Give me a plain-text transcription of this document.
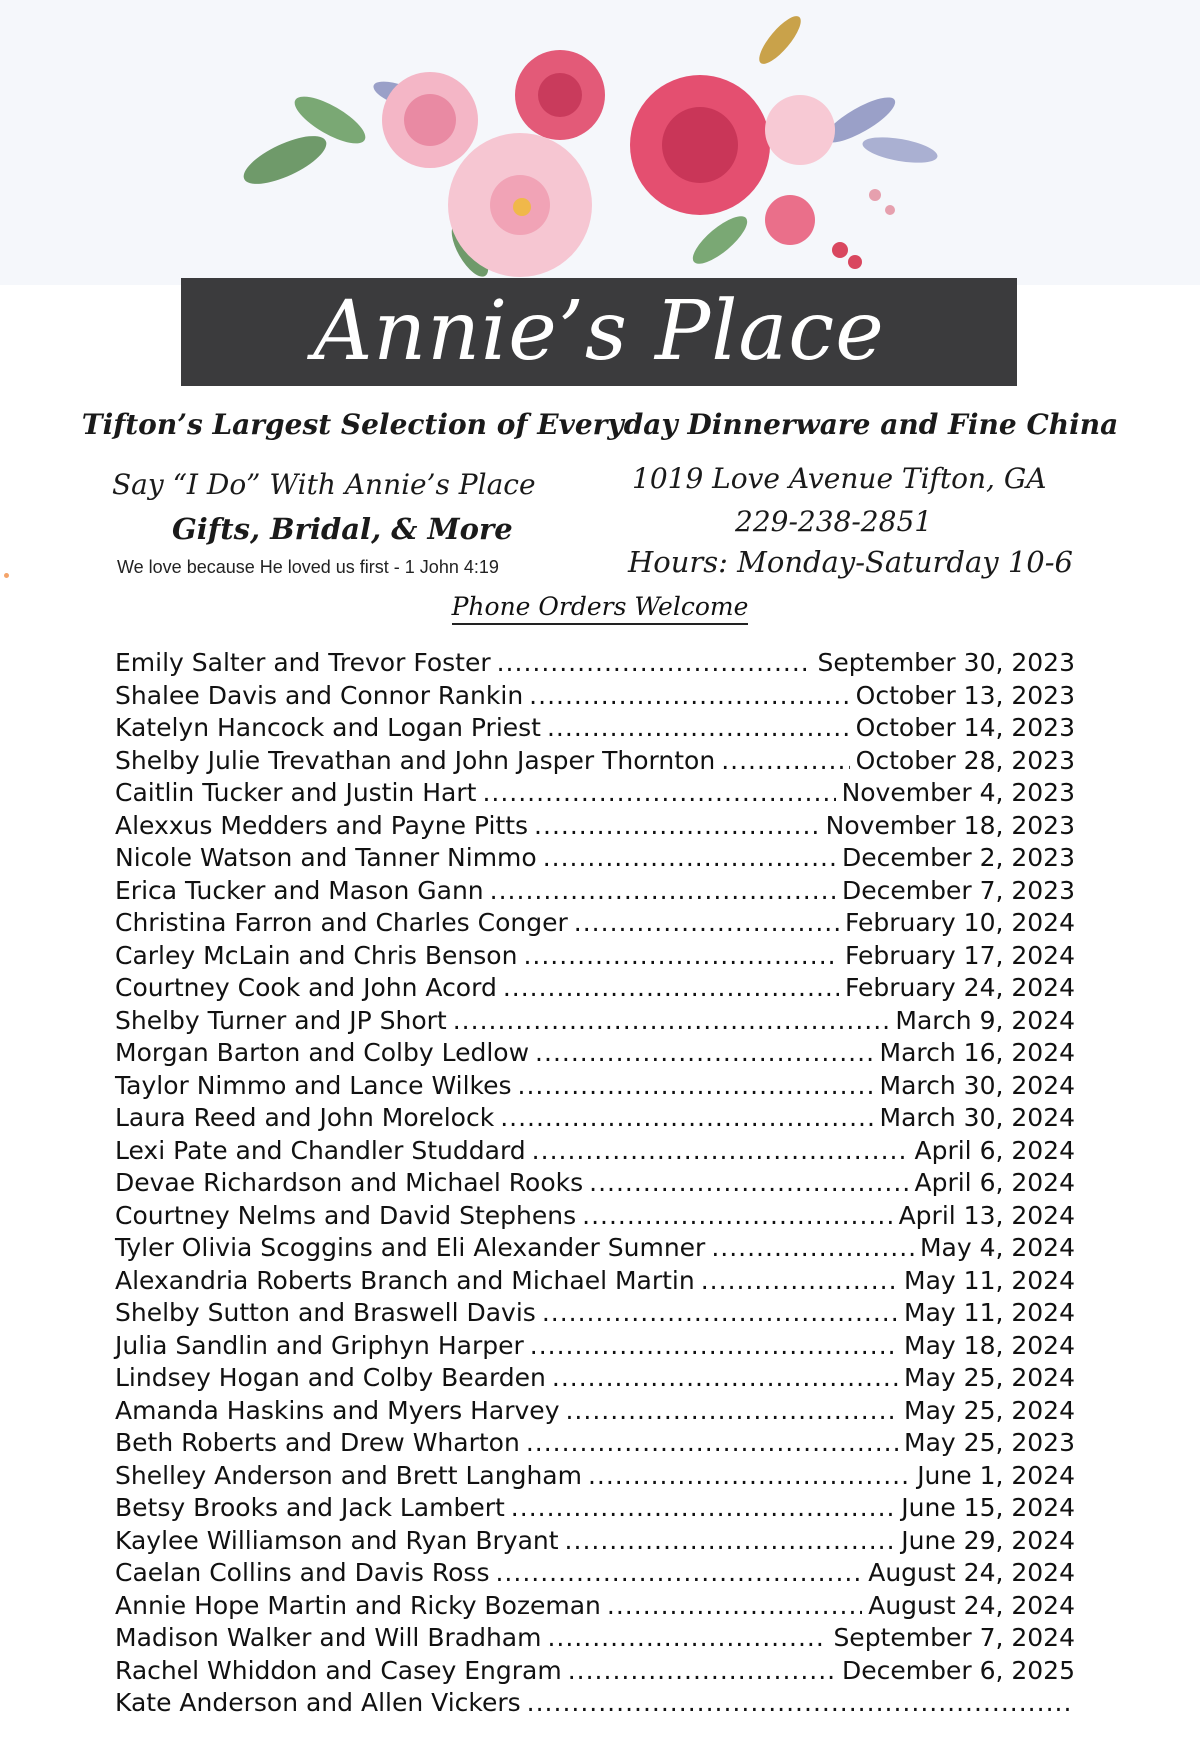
Annie’s Place
Tifton’s Largest Selection of Everyday Dinnerware and Fine China
Say “I Do” With Annie’s Place
Gifts, Bridal, & More
We love because He loved us first - 1 John 4:19
1019 Love Avenue Tifton, GA
229-238-2851
Hours: Monday-Saturday 10-6
Phone Orders Welcome
Emily Salter and Trevor Foster .....	September 30, 2023
Shalee Davis and Connor Rankin .....	October 13, 2023
Katelyn Hancock and Logan Priest .....	October 14, 2023
Shelby Julie Trevathan and John Jasper Thornton .....	October 28, 2023
Caitlin Tucker and Justin Hart .....	November 4, 2023
Alexxus Medders and Payne Pitts .....	November 18, 2023
Nicole Watson and Tanner Nimmo .....	December 2, 2023
Erica Tucker and Mason Gann .....	December 7, 2023
Christina Farron and Charles Conger .....	February 10, 2024
Carley McLain and Chris Benson .....	February 17, 2024
Courtney Cook and John Acord .....	February 24, 2024
Shelby Turner and JP Short .....	March 9, 2024
Morgan Barton and Colby Ledlow .....	March 16, 2024
Taylor Nimmo and Lance Wilkes .....	March 30, 2024
Laura Reed and John Morelock .....	March 30, 2024
Lexi Pate and Chandler Studdard .....	April 6, 2024
Devae Richardson and Michael Rooks .....	April 6, 2024
Courtney Nelms and David Stephens .....	April 13, 2024
Tyler Olivia Scoggins and Eli Alexander Sumner .....	May 4, 2024
Alexandria Roberts Branch and Michael Martin .....	May 11, 2024
Shelby Sutton and Braswell Davis .....	May 11, 2024
Julia Sandlin and Griphyn Harper .....	May 18, 2024
Lindsey Hogan and Colby Bearden .....	May 25, 2024
Amanda Haskins and Myers Harvey .....	May 25, 2024
Beth Roberts and Drew Wharton .....	May 25, 2023
Shelley Anderson and Brett Langham .....	June 1, 2024
Betsy Brooks and Jack Lambert .....	June 15, 2024
Kaylee Williamson and Ryan Bryant .....	June 29, 2024
Caelan Collins and Davis Ross .....	August 24, 2024
Annie Hope Martin and Ricky Bozeman .....	August 24, 2024
Madison Walker and Will Bradham .....	September 7, 2024
Rachel Whiddon and Casey Engram .....	December 6, 2025
Kate Anderson and Allen Vickers
.....
